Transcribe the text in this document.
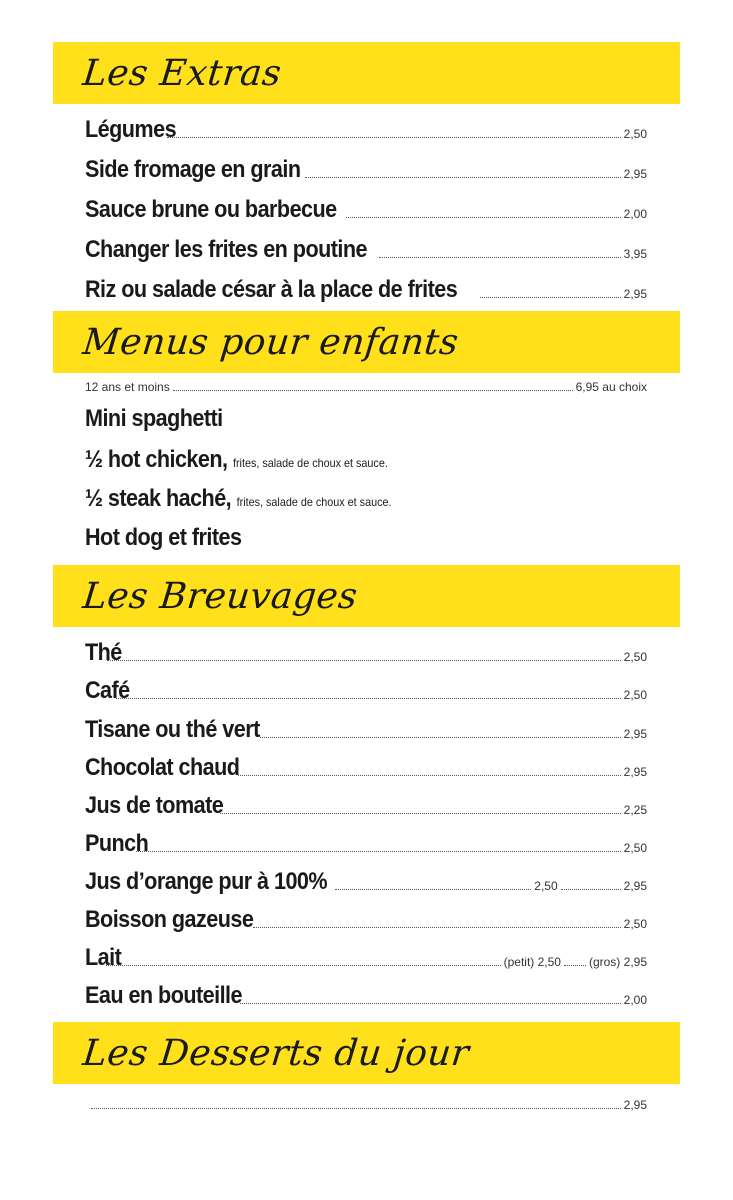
Les Extras
Légumes	2,50
Side fromage en grain	2,95
Sauce brune ou barbecue	2,00
Changer les frites en poutine	3,95
Riz ou salade césar à la place de frites	2,95
Menus pour enfants
12 ans et moins	6,95 au choix
Mini spaghetti
½ hot chicken, frites, salade de choux et sauce.
½ steak haché, frites, salade de choux et sauce.
Hot dog et frites
Les Breuvages
Thé	2,50
Café	2,50
Tisane ou thé vert	2,95
Chocolat chaud	2,95
Jus de tomate	2,25
Punch	2,50
Jus d’orange pur à 100%	2,50	2,95
Boisson gazeuse	2,50
Lait	(petit) 2,50 (gros) 2,95
Eau en bouteille	2,00
Les Desserts du jour
2,95
